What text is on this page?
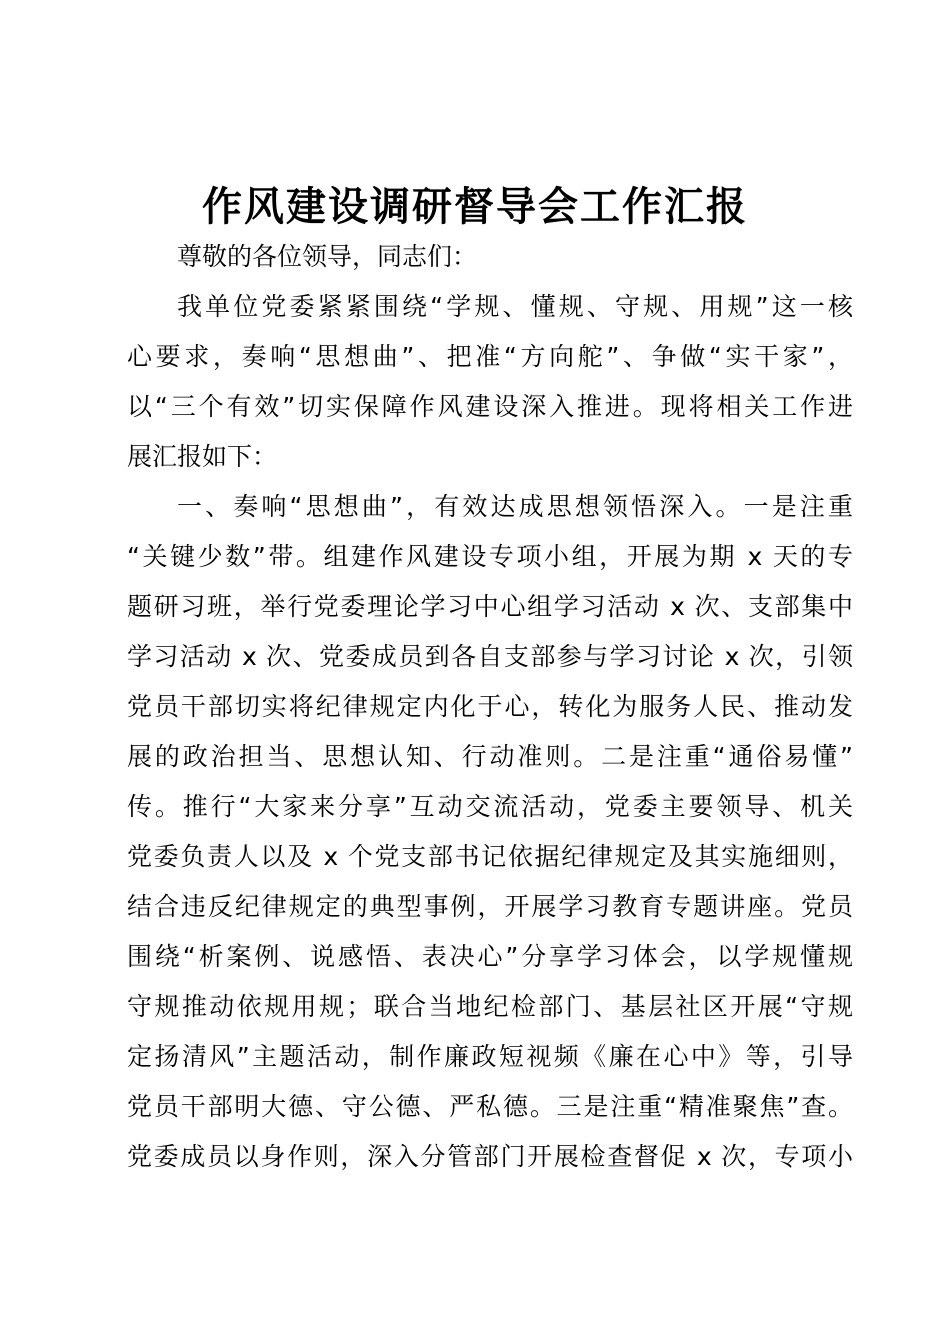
作风建设调研督导会工作汇报
尊敬的各位领导，同志们：
我单位党委紧紧围绕“学规、懂规、守规、用规”这一核
心要求，奏响“思想曲”、把准“方向舵”、争做“实干家”，
以“三个有效”切实保障作风建设深入推进。现将相关工作进
展汇报如下：
一、奏响“思想曲”，有效达成思想领悟深入。一是注重
“关键少数”带。组建作风建设专项小组，开展为期 x 天的专
题研习班，举行党委理论学习中心组学习活动 x 次、支部集中
学习活动 x 次、党委成员到各自支部参与学习讨论 x 次，引领
党员干部切实将纪律规定内化于心，转化为服务人民、推动发
展的政治担当、思想认知、行动准则。二是注重“通俗易懂”
传。推行“大家来分享”互动交流活动，党委主要领导、机关
党委负责人以及 x 个党支部书记依据纪律规定及其实施细则，
结合违反纪律规定的典型事例，开展学习教育专题讲座。党员
围绕“析案例、说感悟、表决心”分享学习体会，以学规懂规
守规推动依规用规；联合当地纪检部门、基层社区开展“守规
定扬清风”主题活动，制作廉政短视频《廉在心中》等，引导
党员干部明大德、守公德、严私德。三是注重“精准聚焦”查。
党委成员以身作则，深入分管部门开展检查督促 x 次，专项小
